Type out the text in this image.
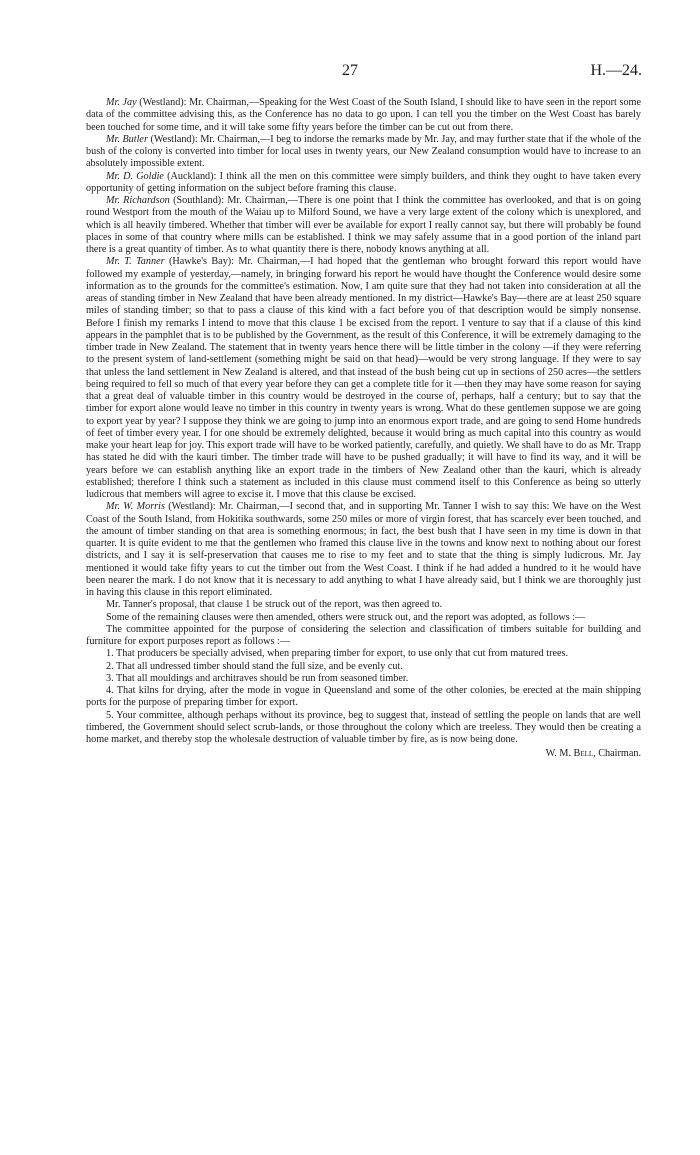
27	H.—24.

Mr. Jay (Westland): Mr. Chairman,—Speaking for the West Coast of the South Island, I should like to have seen in the report some data of the committee advising this, as the Conference has no data to go upon. I can tell you the timber on the West Coast has barely been touched for some time, and it will take some fifty years before the timber can be cut out from there.

Mr. Butler (Westland): Mr. Chairman,—I beg to indorse the remarks made by Mr. Jay, and may further state that if the whole of the bush of the colony is converted into timber for local uses in twenty years, our New Zealand consumption would have to increase to an absolutely impossible extent.

Mr. D. Goldie (Auckland): I think all the men on this committee were simply builders, and think they ought to have taken every opportunity of getting information on the subject before framing this clause.

Mr. Richardson (Southland): Mr. Chairman,—There is one point that I think the committee has overlooked, and that is on going round Westport from the mouth of the Waiau up to Milford Sound, we have a very large extent of the colony which is unexplored, and which is all heavily timbered. Whether that timber will ever be available for export I really cannot say, but there will probably be found places in some of that country where mills can be established. I think we may safely assume that in a good portion of the inland part there is a great quantity of timber. As to what quantity there is there, nobody knows anything at all.

Mr. T. Tanner (Hawke's Bay): Mr. Chairman,—I had hoped that the gentleman who brought forward this report would have followed my example of yesterday,—namely, in bringing forward his report he would have thought the Conference would desire some information as to the grounds for the committee's estimation. Now, I am quite sure that they had not taken into consideration at all the areas of standing timber in New Zealand that have been already mentioned. In my district—Hawke's Bay—there are at least 250 square miles of standing timber; so that to pass a clause of this kind with a fact before you of that description would be simply nonsense. Before I finish my remarks I intend to move that this clause 1 be excised from the report. I venture to say that if a clause of this kind appears in the pamphlet that is to be published by the Government, as the result of this Conference, it will be extremely damaging to the timber trade in New Zealand. The statement that in twenty years hence there will be little timber in the colony —if they were referring to the present system of land-settlement (something might be said on that head)—would be very strong language. If they were to say that unless the land settlement in New Zealand is altered, and that instead of the bush being cut up in sections of 250 acres—the settlers being required to fell so much of that every year before they can get a complete title for it —then they may have some reason for saying that a great deal of valuable timber in this country would be destroyed in the course of, perhaps, half a century; but to say that the timber for export alone would leave no timber in this country in twenty years is wrong. What do these gentlemen suppose we are going to export year by year? I suppose they think we are going to jump into an enormous export trade, and are going to send Home hundreds of feet of timber every year. I for one should be extremely delighted, because it would bring as much capital into this country as would make your heart leap for joy. This export trade will have to be worked patiently, carefully, and quietly. We shall have to do as Mr. Trapp has stated he did with the kauri timber. The timber trade will have to be pushed gradually; it will have to find its way, and it will be years before we can establish anything like an export trade in the timbers of New Zealand other than the kauri, which is already established; therefore I think such a statement as included in this clause must commend itself to this Conference as being so utterly ludicrous that members will agree to excise it. I move that this clause be excised.

Mr. W. Morris (Westland): Mr. Chairman,—I second that, and in supporting Mr. Tanner I wish to say this: We have on the West Coast of the South Island, from Hokitika southwards, some 250 miles or more of virgin forest, that has scarcely ever been touched, and the amount of timber standing on that area is something enormous; in fact, the best bush that I have seen in my time is down in that quarter. It is quite evident to me that the gentlemen who framed this clause live in the towns and know next to nothing about our forest districts, and I say it is self-preservation that causes me to rise to my feet and to state that the thing is simply ludicrous. Mr. Jay mentioned it would take fifty years to cut the timber out from the West Coast. I think if he had added a hundred to it he would have been nearer the mark. I do not know that it is necessary to add anything to what I have already said, but I think we are thoroughly just in having this clause in this report eliminated.

Mr. Tanner's proposal, that clause 1 be struck out of the report, was then agreed to.

Some of the remaining clauses were then amended, others were struck out, and the report was adopted, as follows :—

The committee appointed for the purpose of considering the selection and classification of timbers suitable for building and furniture for export purposes report as follows :—

1. That producers be specially advised, when preparing timber for export, to use only that cut from matured trees.

2. That all undressed timber should stand the full size, and be evenly cut.

3. That all mouldings and architraves should be run from seasoned timber.

4. That kilns for drying, after the mode in vogue in Queensland and some of the other colonies, be erected at the main shipping ports for the purpose of preparing timber for export.

5. Your committee, although perhaps without its province, beg to suggest that, instead of settling the people on lands that are well timbered, the Government should select scrub-lands, or those throughout the colony which are treeless. They would then be creating a home market, and thereby stop the wholesale destruction of valuable timber by fire, as is now being done.

W. M. Bell, Chairman.
